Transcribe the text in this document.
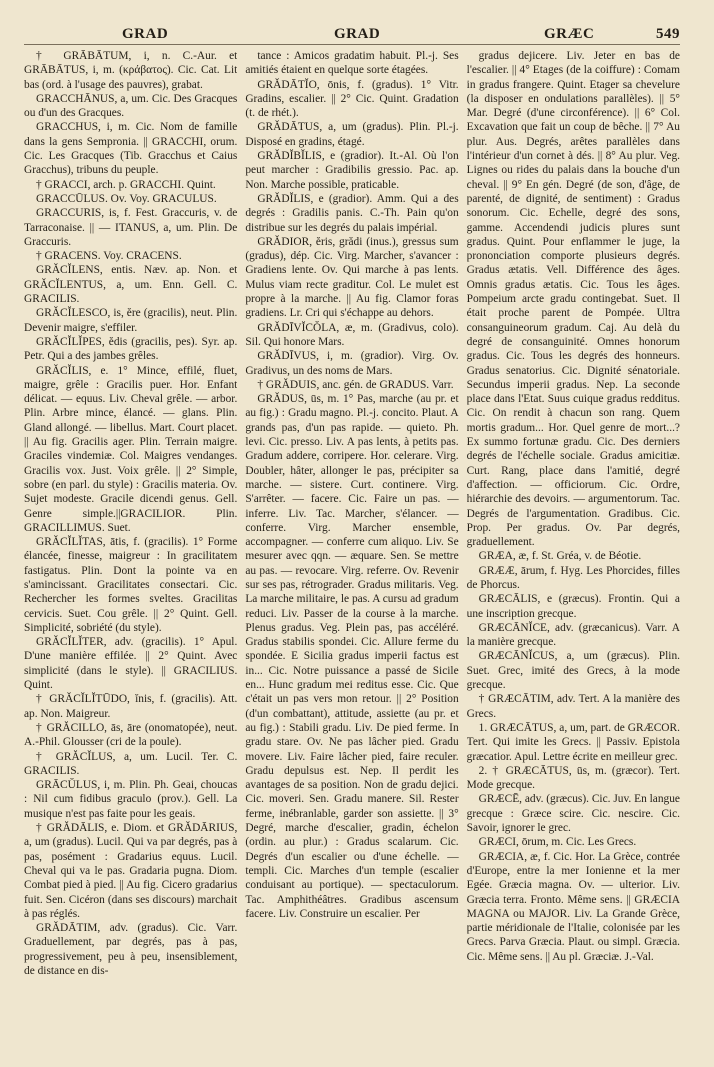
GRAD	GRAD	GRÆC	549

† GRĀBĀTUM, i, n. C.-Aur. et GRĀBĀTUS, i, m. (κράβατος). Cic. Cat. Lit bas (ord. à l'usage des pauvres), grabat.

GRACCHĀNUS, a, um. Cic. Des Gracques ou d'un des Gracques.

GRACCHUS, i, m. Cic. Nom de famille dans la gens Sempronia. || GRACCHI, orum. Cic. Les Gracques (Tib. Gracchus et Caius Gracchus), tribuns du peuple.

† GRACCI, arch. p. GRACCHI. Quint.

GRACCŪLUS. Ov. Voy. GRACULUS.

GRACCURIS, is, f. Fest. Graccuris, v. de Tarraconaise. || — ITANUS, a, um. Plin. De Graccuris.

† GRACENS. Voy. CRACENS.

GRĂCĬLENS, entis. Næv. ap. Non. et GRĂCĬLENTUS, a, um. Enn. Gell. C. GRACILIS.

GRĂCĬLESCO, is, ĕre (gracilis), neut. Plin. Devenir maigre, s'effiler.

GRĂCĬLĬPES, ĕdis (gracilis, pes). Syr. ap. Petr. Qui a des jambes grêles.

GRĂCĬLIS, e. 1° Mince, effilé, fluet, maigre, grêle : Gracilis puer. Hor. Enfant délicat. — equus. Liv. Cheval grêle. — arbor. Plin. Arbre mince, élancé. — glans. Plin. Gland allongé. — libellus. Mart. Court placet. || Au fig. Gracilis ager. Plin. Terrain maigre. Graciles vindemiæ. Col. Maigres vendanges. Gracilis vox. Just. Voix grêle. || 2° Simple, sobre (en parl. du style) : Gracilis materia. Ov. Sujet modeste. Gracile dicendi genus. Gell. Genre simple.||GRACILIOR. Plin. GRACILLIMUS. Suet.

GRĂCĬLĬTAS, ātis, f. (gracilis). 1° Forme élancée, finesse, maigreur : In gracilitatem fastigatus. Plin. Dont la pointe va en s'amincissant. Gracilitates consectari. Cic. Rechercher les formes sveltes. Gracilitas cervicis. Suet. Cou grêle. || 2° Quint. Gell. Simplicité, sobriété (du style).

GRĂCĬLĬTER, adv. (gracilis). 1° Apul. D'une manière effilée. || 2° Quint. Avec simplicité (dans le style). || GRACILIUS. Quint.

† GRĂCĬLĬTŪDO, ĭnis, f. (gracilis). Att. ap. Non. Maigreur.

† GRĂCILLO, ās, āre (onomatopée), neut. A.-Phil. Glousser (cri de la poule).

† GRĂCĬLUS, a, um. Lucil. Ter. C. GRACILIS.

GRĀCŬLUS, i, m. Plin. Ph. Geai, choucas : Nil cum fidibus graculo (prov.). Gell. La musique n'est pas faite pour les geais.

† GRĂDĀLIS, e. Diom. et GRĂDĀRIUS, a, um (gradus). Lucil. Qui va par degrés, pas à pas, posément : Gradarius equus. Lucil. Cheval qui va le pas. Gradaria pugna. Diom. Combat pied à pied. || Au fig. Cicero gradarius fuit. Sen. Cicéron (dans ses discours) marchait à pas réglés.

GRĂDĀTIM, adv. (gradus). Cic. Varr. Graduellement, par degrés, pas à pas, progressivement, peu à peu, insensiblement, de distance en dis-

tance : Amicos gradatim habuit. Pl.-j. Ses amitiés étaient en quelque sorte étagées.

GRĂDĀTĬO, ōnis, f. (gradus). 1° Vitr. Gradins, escalier. || 2° Cic. Quint. Gradation (t. de rhét.).

GRĂDĀTUS, a, um (gradus). Plin. Pl.-j. Disposé en gradins, étagé.

GRĂDĬBĬLIS, e (gradior). It.-Al. Où l'on peut marcher : Gradibilis gressio. Pac. ap. Non. Marche possible, praticable.

GRĂDĬLIS, e (gradior). Amm. Qui a des degrés : Gradilis panis. C.-Th. Pain qu'on distribue sur les degrés du palais impérial.

GRĂDIOR, ĕris, grădi (inus.), gressus sum (gradus), dép. Cic. Virg. Marcher, s'avancer : Gradiens lente. Ov. Qui marche à pas lents. Mulus viam recte graditur. Col. Le mulet est propre à la marche. || Au fig. Clamor foras gradiens. Lr. Cri qui s'échappe au dehors.

GRĂDĪVĬCŎLA, æ, m. (Gradivus, colo). Sil. Qui honore Mars.

GRĂDĪVUS, i, m. (gradior). Virg. Ov. Gradivus, un des noms de Mars.

† GRĂDUIS, anc. gén. de GRADUS. Varr.

GRĂDUS, ūs, m. 1° Pas, marche (au pr. et au fig.) : Gradu magno. Pl.-j. concito. Plaut. A grands pas, d'un pas rapide. — quieto. Ph. levi. Cic. presso. Liv. A pas lents, à petits pas. Gradum addere, corripere. Hor. celerare. Virg. Doubler, hâter, allonger le pas, précipiter sa marche. — sistere. Curt. continere. Virg. S'arrêter. — facere. Cic. Faire un pas. — inferre. Liv. Tac. Marcher, s'élancer. — conferre. Virg. Marcher ensemble, accompagner. — conferre cum aliquo. Liv. Se mesurer avec qqn. — æquare. Sen. Se mettre au pas. — revocare. Virg. referre. Ov. Revenir sur ses pas, rétrograder. Gradus militaris. Veg. La marche militaire, le pas. A cursu ad gradum reduci. Liv. Passer de la course à la marche. Plenus gradus. Veg. Plein pas, pas accéléré. Gradus stabilis spondei. Cic. Allure ferme du spondée. E Sicilia gradus imperii factus est in... Cic. Notre puissance a passé de Sicile en... Hunc gradum mei reditus esse. Cic. Que c'était un pas vers mon retour. || 2° Position (d'un combattant), attitude, assiette (au pr. et au fig.) : Stabili gradu. Liv. De pied ferme. In gradu stare. Ov. Ne pas lâcher pied. Gradu movere. Liv. Faire lâcher pied, faire reculer. Gradu depulsus est. Nep. Il perdit les avantages de sa position. Non de gradu dejici. Cic. moveri. Sen. Gradu manere. Sil. Rester ferme, inébranlable, garder son assiette. || 3° Degré, marche d'escalier, gradin, échelon (ordin. au plur.) : Gradus scalarum. Cic. Degrés d'un escalier ou d'une échelle. — templi. Cic. Marches d'un temple (escalier conduisant au portique). — spectaculorum. Tac. Amphithéâtres. Gradibus ascensum facere. Liv. Construire un escalier. Per

gradus dejicere. Liv. Jeter en bas de l'escalier. || 4° Etages (de la coiffure) : Comam in gradus frangere. Quint. Etager sa chevelure (la disposer en ondulations parallèles). || 5° Mar. Degré (d'une circonférence). || 6° Col. Excavation que fait un coup de bêche. || 7° Au plur. Aus. Degrés, arêtes parallèles dans l'intérieur d'un cornet à dés. || 8° Au plur. Veg. Lignes ou rides du palais dans la bouche d'un cheval. || 9° En gén. Degré (de son, d'âge, de parenté, de dignité, de sentiment) : Gradus sonorum. Cic. Echelle, degré des sons, gamme. Accendendi judicis plures sunt gradus. Quint. Pour enflammer le juge, la prononciation comporte plusieurs degrés. Gradus ætatis. Vell. Différence des âges. Omnis gradus ætatis. Cic. Tous les âges. Pompeium arcte gradu contingebat. Suet. Il était proche parent de Pompée. Ultra consanguineorum gradum. Caj. Au delà du degré de consanguinité. Omnes honorum gradus. Cic. Tous les degrés des honneurs. Gradus senatorius. Cic. Dignité sénatoriale. Secundus imperii gradus. Nep. La seconde place dans l'Etat. Suus cuique gradus redditus. Cic. On rendit à chacun son rang. Quem mortis gradum... Hor. Quel genre de mort...? Ex summo fortunæ gradu. Cic. Des derniers degrés de l'échelle sociale. Gradus amicitiæ. Curt. Rang, place dans l'amitié, degré d'affection. — officiorum. Cic. Ordre, hiérarchie des devoirs. — argumentorum. Tac. Degrés de l'argumentation. Gradibus. Cic. Prop. Per gradus. Ov. Par degrés, graduellement.

GRÆA, æ, f. St. Gréa, v. de Béotie.

GRÆÆ, ārum, f. Hyg. Les Phorcides, filles de Phorcus.

GRÆCĀLIS, e (græcus). Frontin. Qui a une inscription grecque.

GRÆCĀNĬCE, adv. (græcanicus). Varr. A la manière grecque.

GRÆCĀNĬCUS, a, um (græcus). Plin. Suet. Grec, imité des Grecs, à la mode grecque.

† GRÆCĀTIM, adv. Tert. A la manière des Grecs.

1. GRÆCĀTUS, a, um, part. de GRÆCOR. Tert. Qui imite les Grecs. || Passiv. Epistola græcatior. Apul. Lettre écrite en meilleur grec.

2. † GRÆCĀTUS, ūs, m. (græcor). Tert. Mode grecque.

GRÆCĒ, adv. (græcus). Cic. Juv. En langue grecque : Græce scire. Cic. nescire. Cic. Savoir, ignorer le grec.

GRÆCI, ōrum, m. Cic. Les Grecs.

GRÆCIA, æ, f. Cic. Hor. La Grèce, contrée d'Europe, entre la mer Ionienne et la mer Egée. Græcia magna. Ov. — ulterior. Liv. Græcia terra. Fronto. Même sens. || GRÆCIA MAGNA ou MAJOR. Liv. La Grande Grèce, partie méridionale de l'Italie, colonisée par les Grecs. Parva Græcia. Plaut. ou simpl. Græcia. Cic. Même sens. || Au pl. Græciæ. J.-Val.
